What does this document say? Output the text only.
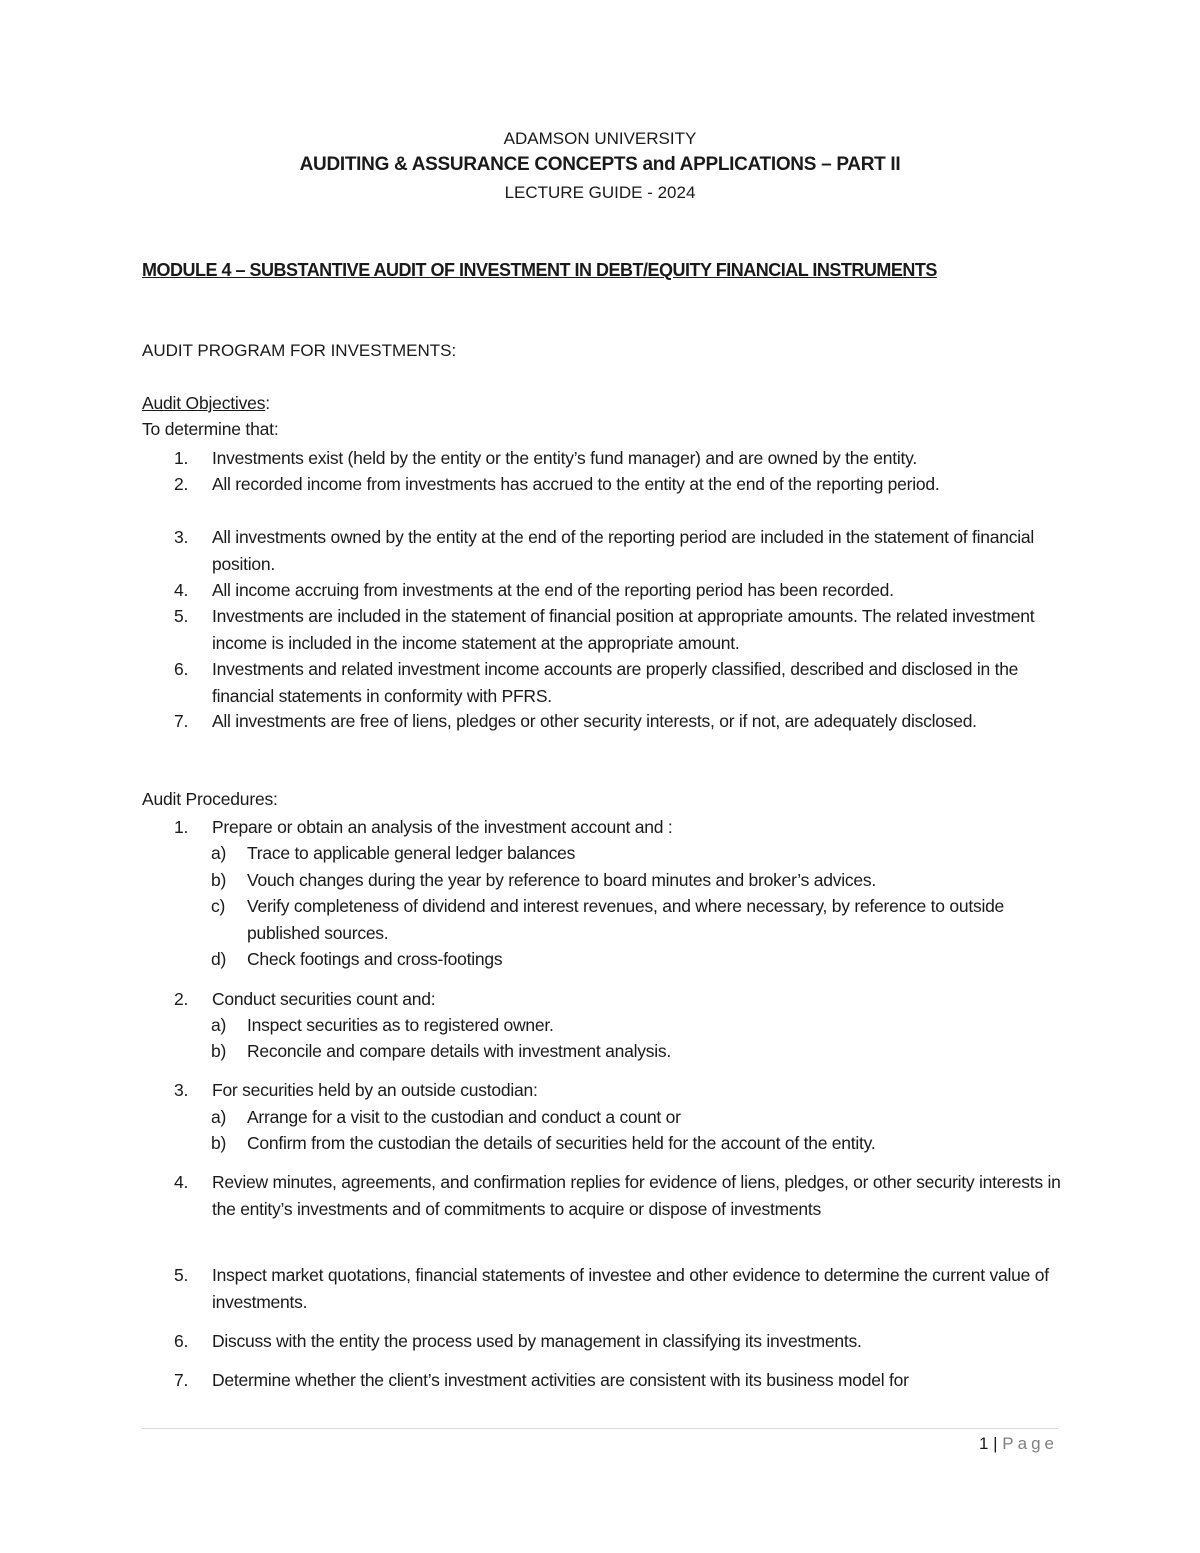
ADAMSON UNIVERSITY
AUDITING & ASSURANCE CONCEPTS and APPLICATIONS – PART II
LECTURE GUIDE - 2024
MODULE 4 – SUBSTANTIVE AUDIT OF INVESTMENT IN DEBT/EQUITY FINANCIAL INSTRUMENTS
AUDIT PROGRAM FOR INVESTMENTS:
Audit Objectives:
To determine that:
1.	Investments exist (held by the entity or the entity’s fund manager) and are owned by the entity.
2.	All recorded income from investments has accrued to the entity at the end of the reporting period.
3.	All investments owned by the entity at the end of the reporting period are included in the statement of financial position.
4.	All income accruing from investments at the end of the reporting period has been recorded.
5.	Investments are included in the statement of financial position at appropriate amounts. The related investment income is included in the income statement at the appropriate amount.
6.	Investments and related investment income accounts are properly classified, described and disclosed in the financial statements in conformity with PFRS.
7.	All investments are free of liens, pledges or other security interests, or if not, are adequately disclosed.
Audit Procedures:
1.	Prepare or obtain an analysis of the investment account and :
a)	Trace to applicable general ledger balances
b)	Vouch changes during the year by reference to board minutes and broker’s advices.
c)	Verify completeness of dividend and interest revenues, and where necessary, by reference to outside published sources.
d)	Check footings and cross-footings
2.	Conduct securities count and:
a)	Inspect securities as to registered owner.
b)	Reconcile and compare details with investment analysis.
3.	For securities held by an outside custodian:
a)	Arrange for a visit to the custodian and conduct a count or
b)	Confirm from the custodian the details of securities held for the account of the entity.
4.	Review minutes, agreements, and confirmation replies for evidence of liens, pledges, or other security interests in the entity’s investments and of commitments to acquire or dispose of investments
5.	Inspect market quotations, financial statements of investee and other evidence to determine the current value of investments.
6.	Discuss with the entity the process used by management in classifying its investments.
7.	Determine whether the client’s investment activities are consistent with its business model for
1 | Page
